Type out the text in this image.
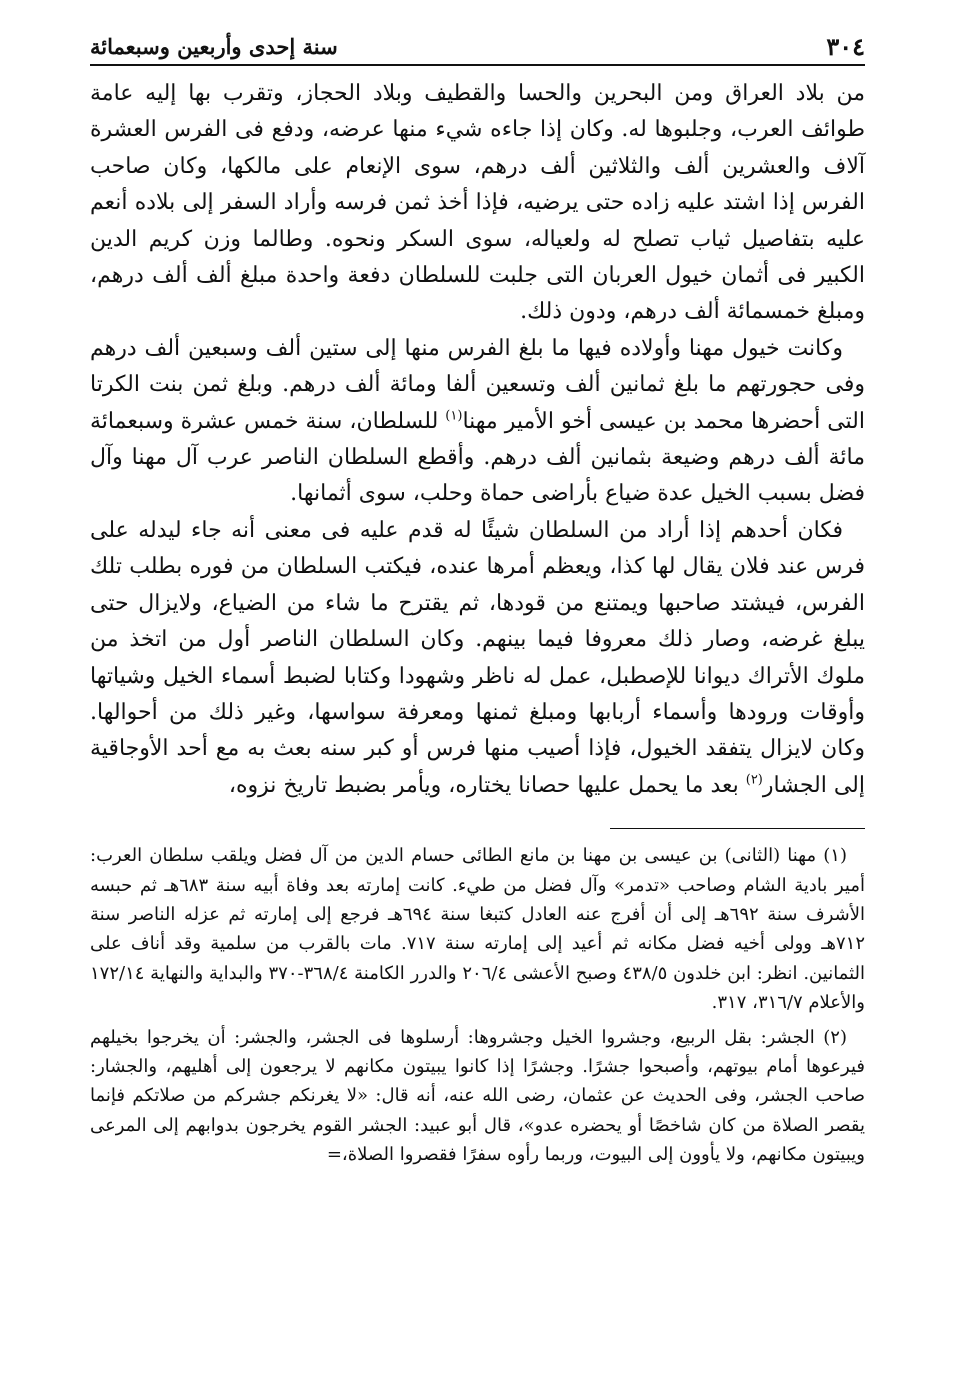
٣٠٤
سنة إحدى وأربعين وسبعمائة

من بلاد العراق ومن البحرين والحسا والقطيف وبلاد الحجاز، وتقرب بها إليه عامة طوائف العرب، وجلبوها له. وكان إذا جاءه شيء منها عرضه، ودفع فى الفرس العشرة آلاف والعشرين ألف والثلاثين ألف درهم، سوى الإنعام على مالكها، وكان صاحب الفرس إذا اشتد عليه زاده حتى يرضيه، فإذا أخذ ثمن فرسه وأراد السفر إلى بلاده أنعم عليه بتفاصيل ثياب تصلح له ولعياله، سوى السكر ونحوه. وطالما وزن كريم الدين الكبير فى أثمان خيول العربان التى جلبت للسلطان دفعة واحدة مبلغ ألف ألف درهم، ومبلغ خمسمائة ألف درهم، ودون ذلك.

وكانت خيول مهنا وأولاده فيها ما بلغ الفرس منها إلى ستين ألف وسبعين ألف درهم وفى حجورتهم ما بلغ ثمانين ألف وتسعين ألفا ومائة ألف درهم. وبلغ ثمن بنت الكرتا التى أحضرها محمد بن عيسى أخو الأمير مهنا$^{(١)}$ للسلطان، سنة خمس عشرة وسبعمائة مائة ألف درهم وضيعة بثمانين ألف درهم. وأقطع السلطان الناصر عرب آل مهنا وآل فضل بسبب الخيل عدة ضياع بأراضى حماة وحلب، سوى أثمانها.

فكان أحدهم إذا أراد من السلطان شيئًا له قدم عليه فى معنى أنه جاء ليدله على فرس عند فلان يقال لها كذا، ويعظم أمرها عنده، فيكتب السلطان من فوره بطلب تلك الفرس، فيشتد صاحبها ويمتنع من قودها، ثم يقترح ما شاء من الضياع، ولايزال حتى يبلغ غرضه، وصار ذلك معروفا فيما بينهم. وكان السلطان الناصر أول من اتخذ من ملوك الأتراك ديوانا للإصطبل، عمل له ناظر وشهودا وكتابا لضبط أسماء الخيل وشياتها وأوقات ورودها وأسماء أربابها ومبلغ ثمنها ومعرفة سواسها، وغير ذلك من أحوالها. وكان لايزال يتفقد الخيول، فإذا أصيب منها فرس أو كبر سنه بعث به مع أحد الأوجاقية إلى الجشار$^{(٢)}$ بعد ما يحمل عليها حصانا يختاره، ويأمر بضبط تاريخ نزوه،

(١) مهنا (الثانى) بن عيسى بن مهنا بن مانع الطائى حسام الدين من آل فضل ويلقب سلطان العرب: أمير بادية الشام وصاحب «تدمر» وآل فضل من طيء. كانت إمارته بعد وفاة أبيه سنة ٦٨٣هـ ثم حبسه الأشرف سنة ٦٩٢هـ إلى أن أفرج عنه العادل كتبغا سنة ٦٩٤هـ فرجع إلى إمارته ثم عزله الناصر سنة ٧١٢هـ وولى أخيه فضل مكانه ثم أعيد إلى إمارته سنة ٧١٧. مات بالقرب من سلمية وقد أناف على الثمانين. انظر: ابن خلدون ٤٣٨/٥ وصبح الأعشى ٢٠٦/٤ والدرر الكامنة ٣٦٨/٤-٣٧٠ والبداية والنهاية ١٧٢/١٤ والأعلام ٣١٦/٧، ٣١٧.

(٢) الجشر: بقل الربيع، وجشروا الخيل وجشروها: أرسلوها فى الجشر، والجشر: أن يخرجوا بخيلهم فيرعوها أمام بيوتهم، وأصبحوا جشرًا. وجشرًا إذا كانوا يبيتون مكانهم لا يرجعون إلى أهليهم، والجشار: صاحب الجشر، وفى الحديث عن عثمان، رضى الله عنه، أنه قال: «لا يغرنكم جشركم من صلاتكم فإنما يقصر الصلاة من كان شاخصًا أو يحضره عدو»، قال أبو عبيد: الجشر القوم يخرجون بدوابهم إلى المرعى ويبيتون مكانهم، ولا يأوون إلى البيوت، وربما رأوه سفرًا فقصروا الصلاة،=
